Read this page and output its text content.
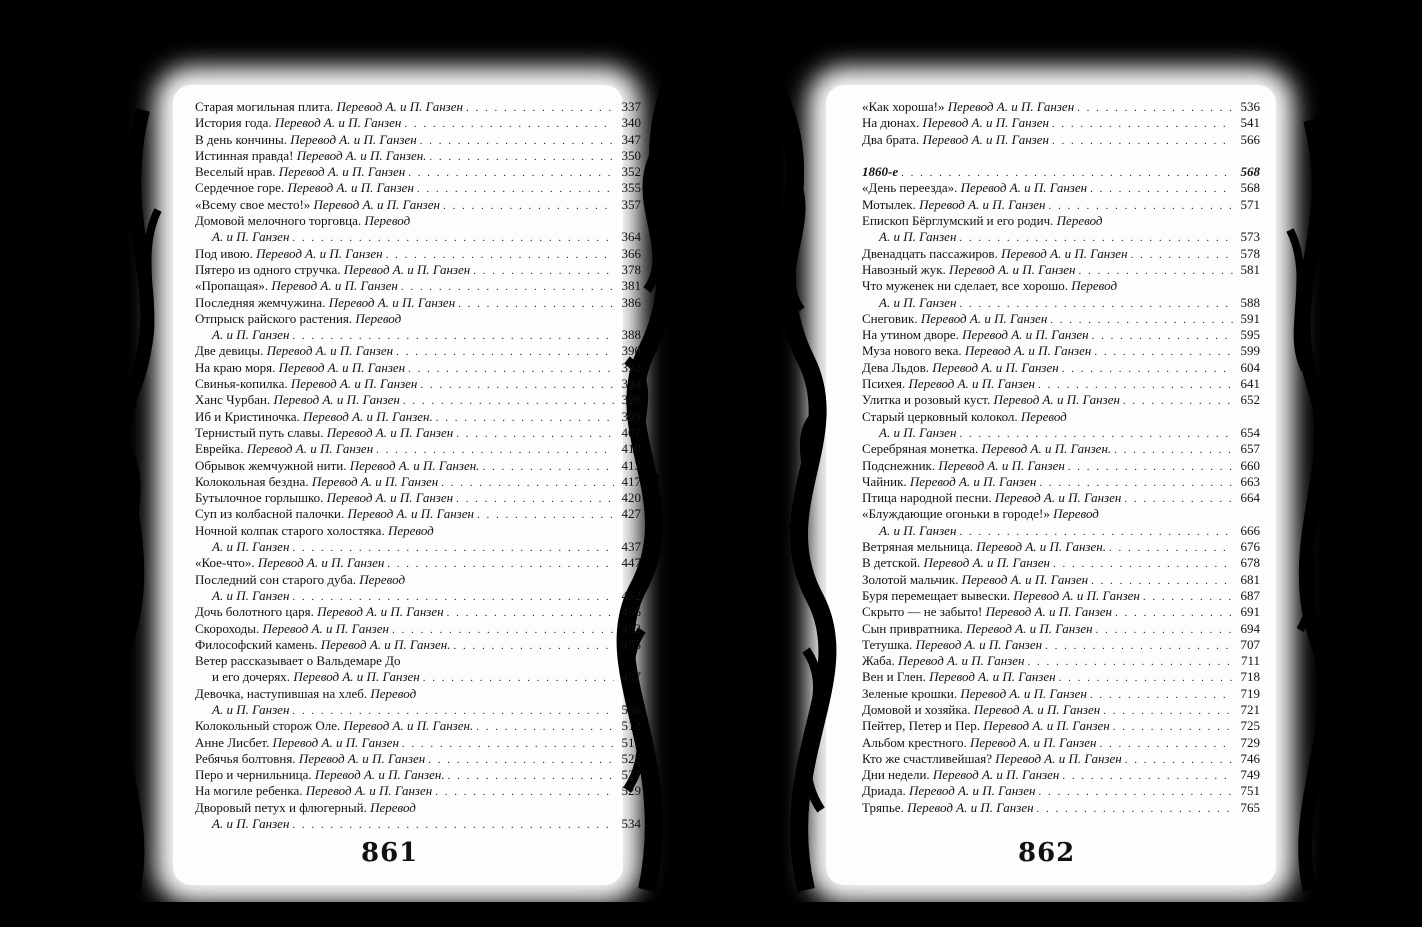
Старая могильная плита. Перевод А. и П. Ганзен . . .	337
История года. Перевод А. и П. Ганзен . . .	340
В день кончины. Перевод А. и П. Ганзен . . .	347
Истинная правда! Перевод А. и П. Ганзен. . . .	350
Веселый нрав. Перевод А. и П. Ганзен . . .	352
Сердечное горе. Перевод А. и П. Ганзен . . .	355
«Всему свое место!» Перевод А. и П. Ганзен . . .	357
Домовой мелочного торговца. Перевод
А. и П. Ганзен . . .	364
Под ивою. Перевод А. и П. Ганзен . . .	366
Пятеро из одного стручка. Перевод А. и П. Ганзен . . .	378
«Пропащая». Перевод А. и П. Ганзен . . .	381
Последняя жемчужина. Перевод А. и П. Ганзен . . .	386
Отпрыск райского растения. Перевод
А. и П. Ганзен . . .	388
Две девицы. Перевод А. и П. Ганзен . . .	390
На краю моря. Перевод А. и П. Ганзен . . .	392
Свинья-копилка. Перевод А. и П. Ганзен . . .	394
Ханс Чурбан. Перевод А. и П. Ганзен . . .	396
Иб и Кристиночка. Перевод А. и П. Ганзен. . . .	399
Тернистый путь славы. Перевод А. и П. Ганзен . . .	407
Еврейка. Перевод А. и П. Ганзен . . .	410
Обрывок жемчужной нити. Перевод А. и П. Ганзен. . . .	413
Колокольная бездна. Перевод А. и П. Ганзен . . .	417
Бутылочное горлышко. Перевод А. и П. Ганзен . . .	420
Суп из колбасной палочки. Перевод А. и П. Ганзен . . .	427
Ночной колпак старого холостяка. Перевод
А. и П. Ганзен . . .	437
«Кое-что». Перевод А. и П. Ганзен . . .	447
Последний сон старого дуба. Перевод
А. и П. Ганзен . . .	452
Дочь болотного царя. Перевод А. и П. Ганзен . . .	456
Скороходы. Перевод А. и П. Ганзен . . .	483
Философский камень. Перевод А. и П. Ганзен. . . .	485
Ветер рассказывает о Вальдемаре До
и его дочерях. Перевод А. и П. Ганзен . . .	497
Девочка, наступившая на хлеб. Перевод
А. и П. Ганзен . . .	506
Колокольный сторож Оле. Перевод А. и П. Ганзен. . . .	512
Анне Лисбет. Перевод А. и П. Ганзен . . .	516
Ребячья болтовня. Перевод А. и П. Ганзен . . .	525
Перо и чернильница. Перевод А. и П. Ганзен. . . .	527
На могиле ребенка. Перевод А. и П. Ганзен . . .	529
Дворовый петух и флюгерный. Перевод
А. и П. Ганзен . . .	534
861
«Как хороша!» Перевод А. и П. Ганзен . . .	536
На дюнах. Перевод А. и П. Ганзен . . .	541
Два брата. Перевод А. и П. Ганзен . . .	566
1860-е . . .	568
«День переезда». Перевод А. и П. Ганзен . . .	568
Мотылек. Перевод А. и П. Ганзен . . .	571
Епископ Бёрглумский и его родич. Перевод
А. и П. Ганзен . . .	573
Двенадцать пассажиров. Перевод А. и П. Ганзен . . .	578
Навозный жук. Перевод А. и П. Ганзен . . .	581
Что муженек ни сделает, все хорошо. Перевод
А. и П. Ганзен . . .	588
Снеговик. Перевод А. и П. Ганзен . . .	591
На утином дворе. Перевод А. и П. Ганзен . . .	595
Муза нового века. Перевод А. и П. Ганзен . . .	599
Дева Льдов. Перевод А. и П. Ганзен . . .	604
Психея. Перевод А. и П. Ганзен . . .	641
Улитка и розовый куст. Перевод А. и П. Ганзен . . .	652
Старый церковный колокол. Перевод
А. и П. Ганзен . . .	654
Серебряная монетка. Перевод А. и П. Ганзен. . . .	657
Подснежник. Перевод А. и П. Ганзен . . .	660
Чайник. Перевод А. и П. Ганзен . . .	663
Птица народной песни. Перевод А. и П. Ганзен . . .	664
«Блуждающие огоньки в городе!» Перевод
А. и П. Ганзен . . .	666
Ветряная мельница. Перевод А. и П. Ганзен. . . .	676
В детской. Перевод А. и П. Ганзен . . .	678
Золотой мальчик. Перевод А. и П. Ганзен . . .	681
Буря перемещает вывески. Перевод А. и П. Ганзен . . .	687
Скрыто — не забыто! Перевод А. и П. Ганзен . . .	691
Сын привратника. Перевод А. и П. Ганзен . . .	694
Тетушка. Перевод А. и П. Ганзен . . .	707
Жаба. Перевод А. и П. Ганзен . . .	711
Вен и Глен. Перевод А. и П. Ганзен . . .	718
Зеленые крошки. Перевод А. и П. Ганзен . . .	719
Домовой и хозяйка. Перевод А. и П. Ганзен . . .	721
Пейтер, Петер и Пер. Перевод А. и П. Ганзен . . .	725
Альбом крестного. Перевод А. и П. Ганзен . . .	729
Кто же счастливейшая? Перевод А. и П. Ганзен . . .	746
Дни недели. Перевод А. и П. Ганзен . . .	749
Дриада. Перевод А. и П. Ганзен . . .	751
Тряпье. Перевод А. и П. Ганзен . . .	765
862
